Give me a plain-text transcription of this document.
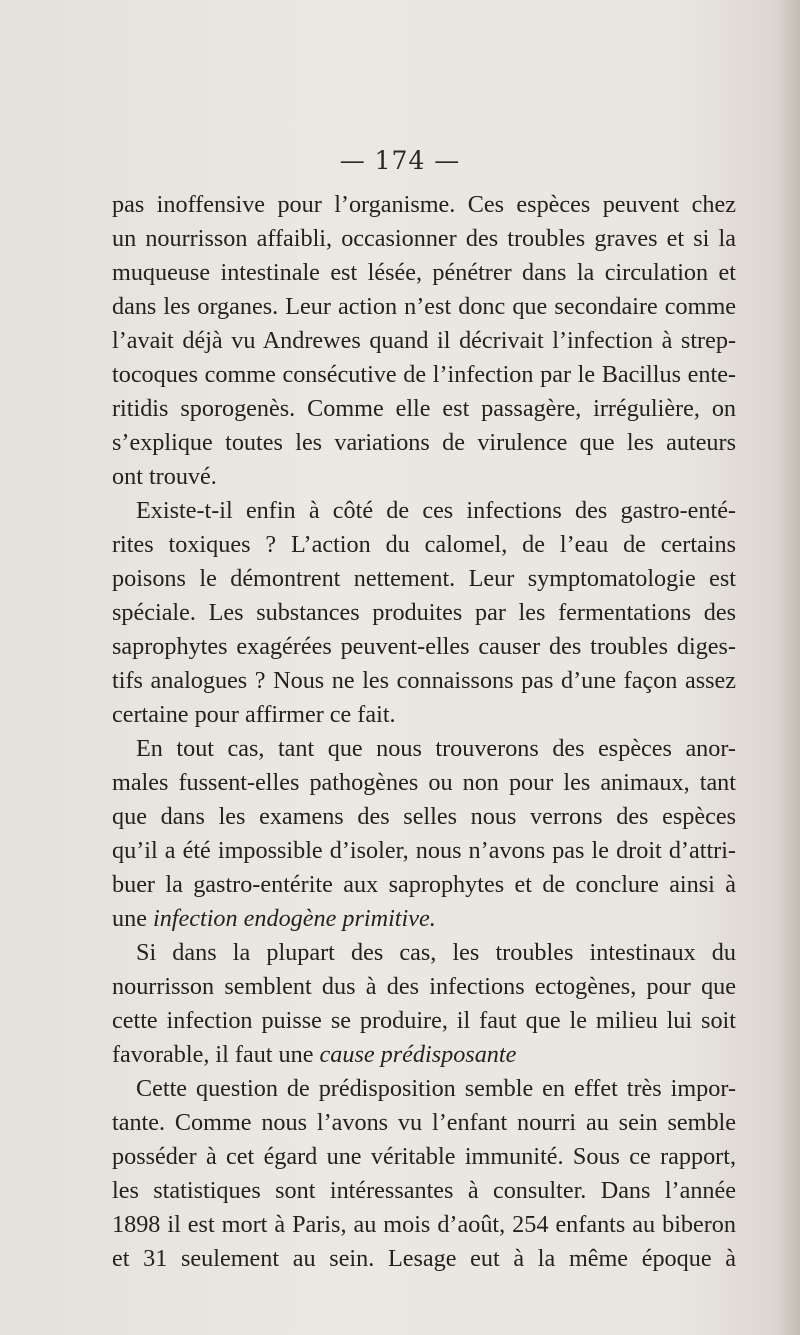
— 174 —
pas inoffensive pour l’organisme. Ces espèces peuvent chez
un nourrisson affaibli, occasionner des troubles graves et si la
muqueuse intestinale est lésée, pénétrer dans la circulation et
dans les organes. Leur action n’est donc que secondaire comme
l’avait déjà vu Andrewes quand il décrivait l’infection à strep-
tocoques comme consécutive de l’infection par le Bacillus ente-
ritidis sporogenès. Comme elle est passagère, irrégulière, on
s’explique toutes les variations de virulence que les auteurs
ont trouvé.
Existe-t-il enfin à côté de ces infections des gastro-enté-
rites toxiques ? L’action du calomel, de l’eau de certains
poisons le démontrent nettement. Leur symptomatologie est
spéciale. Les substances produites par les fermentations des
saprophytes exagérées peuvent-elles causer des troubles diges-
tifs analogues ? Nous ne les connaissons pas d’une façon assez
certaine pour affirmer ce fait.
En tout cas, tant que nous trouverons des espèces anor-
males fussent-elles pathogènes ou non pour les animaux, tant
que dans les examens des selles nous verrons des espèces
qu’il a été impossible d’isoler, nous n’avons pas le droit d’attri-
buer la gastro-entérite aux saprophytes et de conclure ainsi à
une infection endogène primitive.
Si dans la plupart des cas, les troubles intestinaux du
nourrisson semblent dus à des infections ectogènes, pour que
cette infection puisse se produire, il faut que le milieu lui soit
favorable, il faut une cause prédisposante
Cette question de prédisposition semble en effet très impor-
tante. Comme nous l’avons vu l’enfant nourri au sein semble
posséder à cet égard une véritable immunité. Sous ce rapport,
les statistiques sont intéressantes à consulter. Dans l’année
1898 il est mort à Paris, au mois d’août, 254 enfants au biberon
et 31 seulement au sein. Lesage eut à la même époque à
